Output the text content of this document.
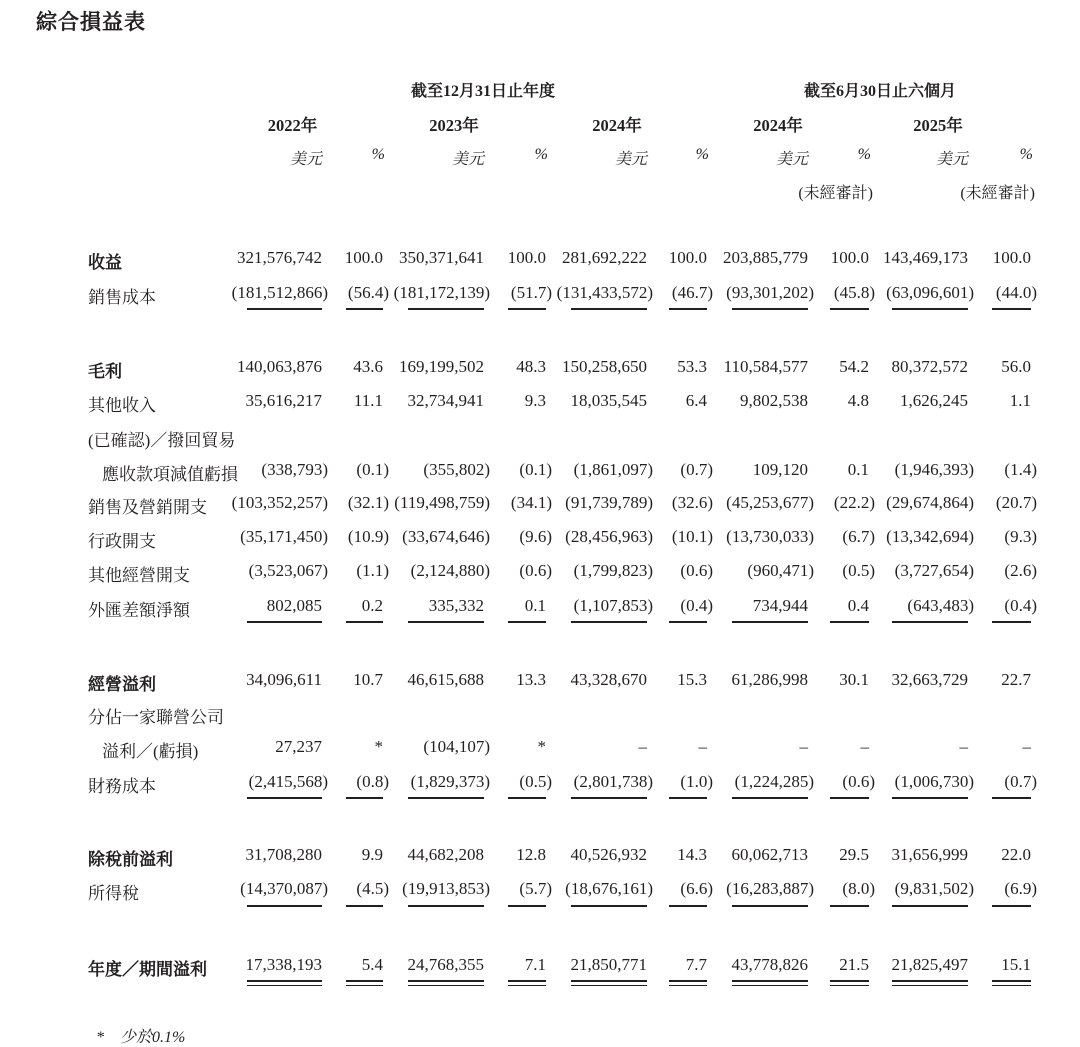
綜合損益表
截至12月31日止年度	截至6月30日止六個月
*　少於0.1%
2022年
美元	%
2023年
美元	%
2024年
美元	%
2024年
美元	%
(未經審計)
2025年
美元	%
(未經審計)
收益	321,576,742 100.0 350,371,641 100.0 281,692,222 100.0 203,885,779 100.0 143,469,173 100.0
銷售成本	(181,512,866) (56.4) (181,172,139) (51.7) (131,433,572) (46.7) (93,301,202) (45.8) (63,096,601) (44.0)
毛利	140,063,876 43.6 169,199,502 48.3 150,258,650 53.3 110,584,577 54.2 80,372,572 56.0
其他收入	35,616,217 11.1 32,734,941 9.3 18,035,545 6.4 9,802,538 4.8 1,626,245 1.1
(已確認)／撥回貿易
應收款項減值虧損 (338,793) (0.1) (355,802) (0.1) (1,861,097) (0.7) 109,120 0.1 (1,946,393) (1.4)
銷售及營銷開支 (103,352,257) (32.1) (119,498,759) (34.1) (91,739,789) (32.6) (45,253,677) (22.2) (29,674,864) (20.7)
行政開支	(35,171,450) (10.9) (33,674,646) (9.6) (28,456,963) (10.1) (13,730,033) (6.7) (13,342,694) (9.3)
其他經營開支	(3,523,067) (1.1) (2,124,880) (0.6) (1,799,823) (0.6) (960,471) (0.5) (3,727,654) (2.6)
外匯差額淨額	802,085 0.2	335,332 0.1 (1,107,853) (0.4) 734,944 0.4 (643,483) (0.4)
經營溢利	34,096,611 10.7 46,615,688 13.3 43,328,670 15.3 61,286,998 30.1 32,663,729 22.7
分佔一家聯營公司
溢利／(虧損)	27,237	* (104,107)	*	–	–	–	–	–	–
財務成本	(2,415,568) (0.8) (1,829,373) (0.5) (2,801,738) (1.0) (1,224,285) (0.6) (1,006,730) (0.7)
除稅前溢利	31,708,280 9.9 44,682,208 12.8 40,526,932 14.3 60,062,713 29.5 31,656,999 22.0
所得稅	(14,370,087) (4.5) (19,913,853) (5.7) (18,676,161) (6.6) (16,283,887) (8.0) (9,831,502) (6.9)
年度／期間溢利 17,338,193 5.4 24,768,355 7.1 21,850,771 7.7 43,778,826 21.5 21,825,497 15.1
